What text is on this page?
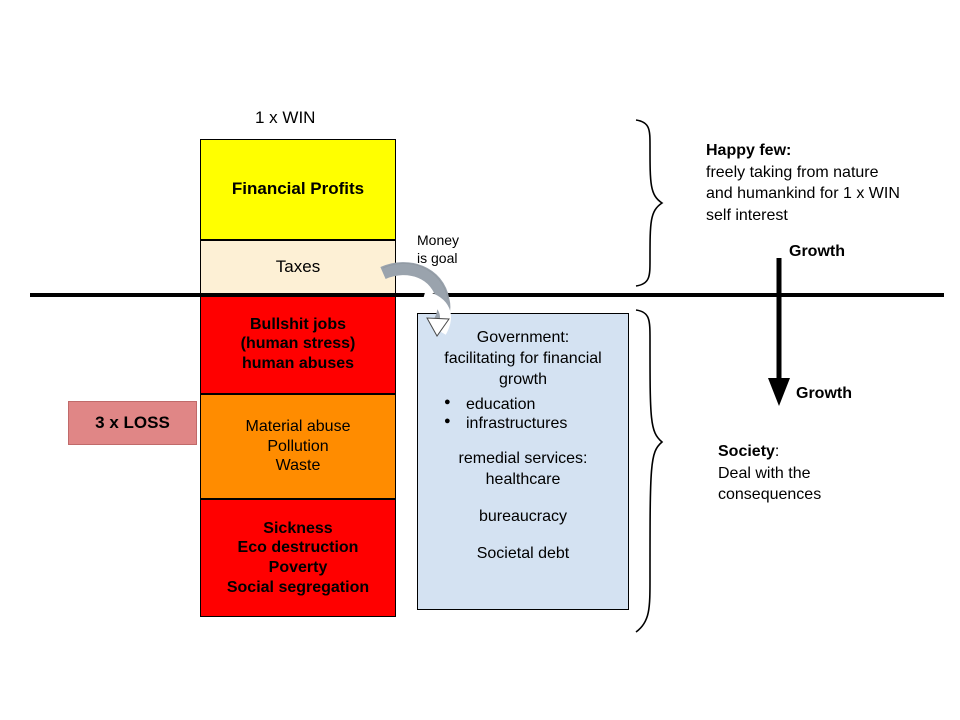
1 x WIN
Financial Profits
Taxes
Bullshit jobs
(human stress)
human abuses
Material abuse
Pollution
Waste
Sickness
Eco destruction
Poverty
Social segregation
3 x LOSS
Money
is goal
Government:
facilitating for financial
growth
● education
● infrastructures
remedial services:
healthcare
bureaucracy
Societal debt
Happy few:
freely taking from nature
and humankind for 1 x WIN
self interest
Society:
Deal with the
consequences
Growth
Growth
